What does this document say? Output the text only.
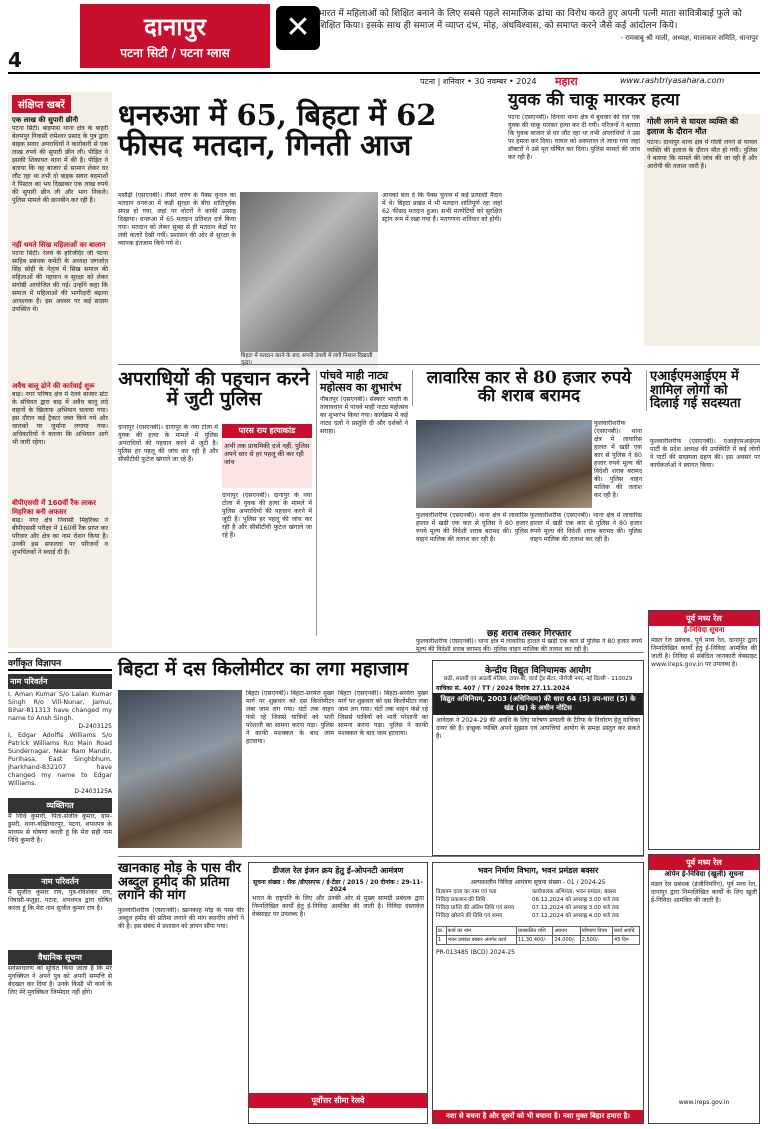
दानापुर
पटना सिटी / पटना ग्लास
4
✕ भारत में महिलाओं को शिक्षित बनाने के लिए सबसे पहले सामाजिक ढांचा का विरोध करते हुए अपनी पत्नी माता सावित्रीबाई फुले को शिक्षित किया। इसके साथ ही समाज में व्याप्त दंभ, मोह, अंधविश्वास, को समाप्त करने जैसे कई आंदोलन किये।
- रामबाबू श्री माली, अध्यक्ष, मालाकार समिति, धानापुर
पटना | शनिवार • 30 नवम्बर • 2024 महारा	www.rashtriyasahara.com
संक्षिप्त खबरें
एक लाख की सुपारी छीनी
पटना सिटी। बाइपास थाना क्षेत्र के बाहरी बेलमपुर निवासी रामेश्वर प्रसाद के पुत्र द्वारा बाइक सवार अपराधियों ने कारोबारी से एक लाख रुपये की सुपारी छीन ली। पीड़ित ने इसकी शिकायत थाना में की है। पीड़ित ने बताया कि वह बाजार से सामान लेकर घर लौट रहा था तभी दो बाइक सवार बदमाशों ने पिस्टल का भय दिखाकर एक लाख रुपये की सुपारी छीन ली और भाग निकले। पुलिस मामले की छानबीन कर रही है।
नहीं थमते सिख महिलाओं का बालान
पटना सिटी। रेलवे के हरिजंदिर जी पटना साहिब प्रबंधक कमेटी के अध्यक्ष जगजोत सिंह सोही के नेतृत्व में सिख समाज की महिलाओं की पहचान व सुरक्षा को लेकर संगोष्ठी आयोजित की गई। उन्होंने कहा कि समाज में महिलाओं की भागीदारी बढ़ाना आवश्यक है। इस अवसर पर कई सदस्य उपस्थित थे।
अवैध बालू ढोने की कार्रवाई शुरू
बाढ़। नगर परिषद क्षेत्र में रेलवे बाजार स्टेट के संचिवत द्वारा बाढ़ में अवैध बालू लदे वाहनों के खिलाफ अभियान चलाया गया। इस दौरान कई ट्रैक्टर जब्त किये गये और चालकों पर जुर्माना लगाया गया। अधिकारियों ने बताया कि अभियान आगे भी जारी रहेगा।
बीपीएससी में 160वीं रैंक लाकर मिहरिका बनी अफसर
बाढ़। नगर क्षेत्र निवासी मिहरिका ने बीपीएससी परीक्षा में 160वीं रैंक प्राप्त कर परिवार और क्षेत्र का नाम रोशन किया है। उनकी इस सफलता पर परिजनों व शुभचिंतकों ने बधाई दी है।
धनरुआ में 65, बिहटा में 62 फीसद मतदान, गिनती आज
मसौढ़ी (एसएनबी)। तीसरे चरण के पैक्स चुनाव का मतदान धनरुआ में कड़ी सुरक्षा के बीच शांतिपूर्वक संपन्न हो गया, जहां पर वोटरों ने काफी उत्साह दिखाया। धनरुआ में 65 मतदान प्रतिशत दर्ज किया गया। मतदान को लेकर सुबह से ही मतदान केंद्रों पर लंबी कतारें देखी गयीं। प्रशासन की ओर से सुरक्षा के व्यापक इंतजाम किये गये थे।
बिहटा में मतदान करने के बाद अपनी उंगली में लगी निशान दिखाती वृद्धा।
आपको बता दें कि पैक्स चुनाव में कई प्रत्याशी मैदान में थे। बिहटा प्रखंड में भी मतदान शांतिपूर्ण रहा जहां 62 फीसद मतदान हुआ। सभी मतपेटियों को सुरक्षित स्ट्रांग रूम में रखा गया है। मतगणना शनिवार को होगी।
युवक की चाकू मारकर हत्या
पटना (एसएनबी)। दिनारा थाना क्षेत्र में बुधवार की रात एक युवक की चाकू मारकर हत्या कर दी गयी। परिजनों ने बताया कि युवक बाजार से घर लौट रहा था तभी अपराधियों ने उस पर हमला कर दिया। घायल को अस्पताल ले जाया गया जहां डॉक्टरों ने उसे मृत घोषित कर दिया। पुलिस मामले की जांच कर रही है।
गोली लगने से घायल व्यक्ति की इलाज के दौरान मौत
पटना। दानापुर थाना क्षेत्र में गोली लगने से घायल व्यक्ति की इलाज के दौरान मौत हो गयी। पुलिस ने बताया कि मामले की जांच की जा रही है और आरोपी की तलाश जारी है।
अपराधियों की पहचान करने में जुटी पुलिस
पारस राय हत्याकांड
अभी तक प्राथमिकी दर्ज नहीं, पुलिस अपने स्तर से हर पहलू की कर रही जांच
दानापुर (एसएनबी)। दानापुर के नया टोला में युवक की हत्या के मामले में पुलिस अपराधियों की पहचान करने में जुटी है। पुलिस हर पहलू की जांच कर रही है और सीसीटीवी फुटेज खंगाले जा रहे हैं।
दानापुर (एसएनबी)। दानापुर के नया टोला में युवक की हत्या के मामले में पुलिस अपराधियों की पहचान करने में जुटी है। पुलिस हर पहलू की जांच कर रही है और सीसीटीवी फुटेज खंगाले जा रहे हैं।
पांचवे माही नाट्य महोत्सव का शुभारंभ
नौबतपुर (एसएनबी)। संस्कार भारती के तत्वावधान में पांचवे माही नाट्य महोत्सव का शुभारंभ किया गया। कार्यक्रम में कई नाट्य दलों ने प्रस्तुति दी और दर्शकों ने सराहा।
लावारिस कार से 80 हजार रुपये की शराब बरामद
फुलवारीशरीफ (एसएनबी)। थाना क्षेत्र में लावारिस हालत में खड़ी एक कार से पुलिस ने 80 हजार रुपये मूल्य की विदेशी शराब बरामद की। पुलिस वाहन मालिक की तलाश कर रही है।
फुलवारीशरीफ (एसएनबी)। थाना क्षेत्र में लावारिस हालत में खड़ी एक कार से पुलिस ने 80 हजार रुपये मूल्य की विदेशी शराब बरामद की। पुलिस वाहन मालिक की तलाश कर रही है।
फुलवारीशरीफ (एसएनबी)। थाना क्षेत्र में लावारिस हालत में खड़ी एक कार से पुलिस ने 80 हजार रुपये मूल्य की विदेशी शराब बरामद की। पुलिस वाहन मालिक की तलाश कर रही है।
छह शराब तस्कर गिरफ्तार
फुलवारीशरीफ (एसएनबी)। थाना क्षेत्र में लावारिस हालत में खड़ी एक कार से पुलिस ने 80 हजार रुपये मूल्य की विदेशी शराब बरामद की। पुलिस वाहन मालिक की तलाश कर रही है।
एआईएमआईएम में शामिल लोगों को दिलाई गई सदस्यता
फुलवारीशरीफ (एसएनबी)। एआईएमआईएम पार्टी के प्रदेश अध्यक्ष की उपस्थिति में कई लोगों ने पार्टी की सदस्यता ग्रहण की। इस अवसर पर कार्यकर्ताओं ने स्वागत किया।
पूर्व मध्य रेल
ई-निविदा सूचना
मंडल रेल प्रबंधक, पूर्व मध्य रेल, दानापुर द्वारा निम्नलिखित कार्यों हेतु ई-निविदा आमंत्रित की जाती है। निविदा से संबंधित जानकारी वेबसाइट www.ireps.gov.in पर उपलब्ध है।
पूर्व मध्य रेल
ओपेन ई-निविदा (खुली) सूचना
मंडल रेल प्रबंधक (इंजीनियरिंग), पूर्व मध्य रेल, दानापुर द्वारा निम्नलिखित कार्यों के लिए खुली ई-निविदा आमंत्रित की जाती है।
www.ireps.gov.in
वर्गीकृत विज्ञापन
नाम परिवर्तन
I, Aman Kumar S/o Lalan Kumar Singh R/o Vill-Nunar, Jamui, Bihar-811313 have changed my name to Ansh Singh.
D-2403125
I, Edgar Adolfis Williams S/o Patrick Williams R/o Main Road Sundernagar, Near Ram Mandir, Purihasa, East Singhbhum, Jharkhand-832107 have changed my name to Edgar Williams.
D-2403125A
व्यक्तिगत
मैं निधि कुमारी, पिता-संजीव कुमार, ग्राम-डुमरी, थाना-बख्तियारपुर, पटना, शपथपत्र के माध्यम से घोषणा करती हूं कि मेरा सही नाम निधि कुमारी है।
नाम परिवर्तन
मैं सुजीत कुमार राय, पुत्र-रविशंकर राय, निवासी-फतुहा, पटना, शपथपत्र द्वारा घोषित करता हूं कि मेरा नाम सुजीत कुमार राय है।
वैधानिक सूचना
सर्वसाधारण को सूचित किया जाता है कि मेरे मुवक्किल ने अपने पुत्र को अपनी सम्पत्ति से बेदखल कर दिया है। उनके किसी भी कार्य के लिए मेरे मुवक्किल जिम्मेदार नहीं होंगे।
बिहटा में दस किलोमीटर का लगा महाजाम
बिहटा (एसएनबी)। बिहटा-सरमेरा मुख्य मार्ग पर शुक्रवार को दस किलोमीटर लंबा जाम लग गया। घंटों तक वाहन फंसे रहे जिससे यात्रियों को भारी परेशानी का सामना करना पड़ा। पुलिस ने काफी मशक्कत के बाद जाम हटवाया।
बिहटा (एसएनबी)। बिहटा-सरमेरा मुख्य मार्ग पर शुक्रवार को दस किलोमीटर लंबा जाम लग गया। घंटों तक वाहन फंसे रहे जिससे यात्रियों को भारी परेशानी का सामना करना पड़ा। पुलिस ने काफी मशक्कत के बाद जाम हटवाया।
केन्द्रीय विद्युत विनियामक आयोग
छठी, सातवीं एवं आठवीं मंजिल, टावर-बी, वर्ल्ड ट्रेड सेंटर, नौरोजी नगर, नई दिल्ली - 110029
याचिका सं. 407 / TT / 2024 दिनांक 27.11.2024
विद्युत अधिनियम, 2003 (अधिनियम) की धारा 64 (5) उप-धारा (5) के खंड (ख) के अधीन नोटिस
आवेदक ने 2024-29 की अवधि के लिए पारेषण प्रणाली के टैरिफ के निर्धारण हेतु याचिका दायर की है। इच्छुक व्यक्ति अपने सुझाव एवं आपत्तियां आयोग के समक्ष प्रस्तुत कर सकते हैं।
खानकाह मोड़ के पास वीर अब्दुल हमीद की प्रतिमा लगाने की मांग
फुलवारीशरीफ (एसएनबी)। खानकाह मोड़ के पास वीर अब्दुल हमीद की प्रतिमा लगाने की मांग स्थानीय लोगों ने की है। इस संबंध में प्रशासन को ज्ञापन सौंपा गया।
डीजल रेल इंजन क्रय हेतु ई-ओपनटी आमंत्रण
सूचना संख्या : सैक /डीएसएफ / ई-टेंडर / 2015 / 20 दीनांक : 29-11-2024
भारत के राष्ट्रपति के लिए और उनकी ओर से मुख्य सामग्री प्रबंधक द्वारा निम्नलिखित कार्यों हेतु ई-निविदा आमंत्रित की जाती है। निविदा दस्तावेज वेबसाइट पर उपलब्ध है।
पूर्वोत्तर सीमा रेलवे
भवन निर्माण विभाग, भवन प्रमंडल बक्सर
अल्पकालीन निविदा आमंत्रण सूचना संख्या - 01 / 2024-25
विज्ञापन दाता का नाम एवं पता	कार्यपालक अभियंता, भवन प्रमंडल, बक्सर
निविदा प्रकाशन की तिथि	06.12.2024 को अपराह्न 3.00 बजे तक
निविदा प्राप्ति की अंतिम तिथि एवं समय	07.12.2024 को अपराह्न 3.00 बजे तक
निविदा खोलने की तिथि एवं समय	07.12.2024 को अपराह्न 4.00 बजे तक
क्र.	कार्य का नाम	प्राक्कलित राशि	अग्रधन	परिमाण विपत्र	कार्य अवधि
1	भवन प्रमंडल बक्सर अंतर्गत कार्य	11,30,400/-	24,000/-	2,500/-	45 दिन
PR-013485 (BCD) 2024-25
नशा से बचना है और दूसरों को भी बचाना है। नशा मुक्त बिहार हमारा है।
